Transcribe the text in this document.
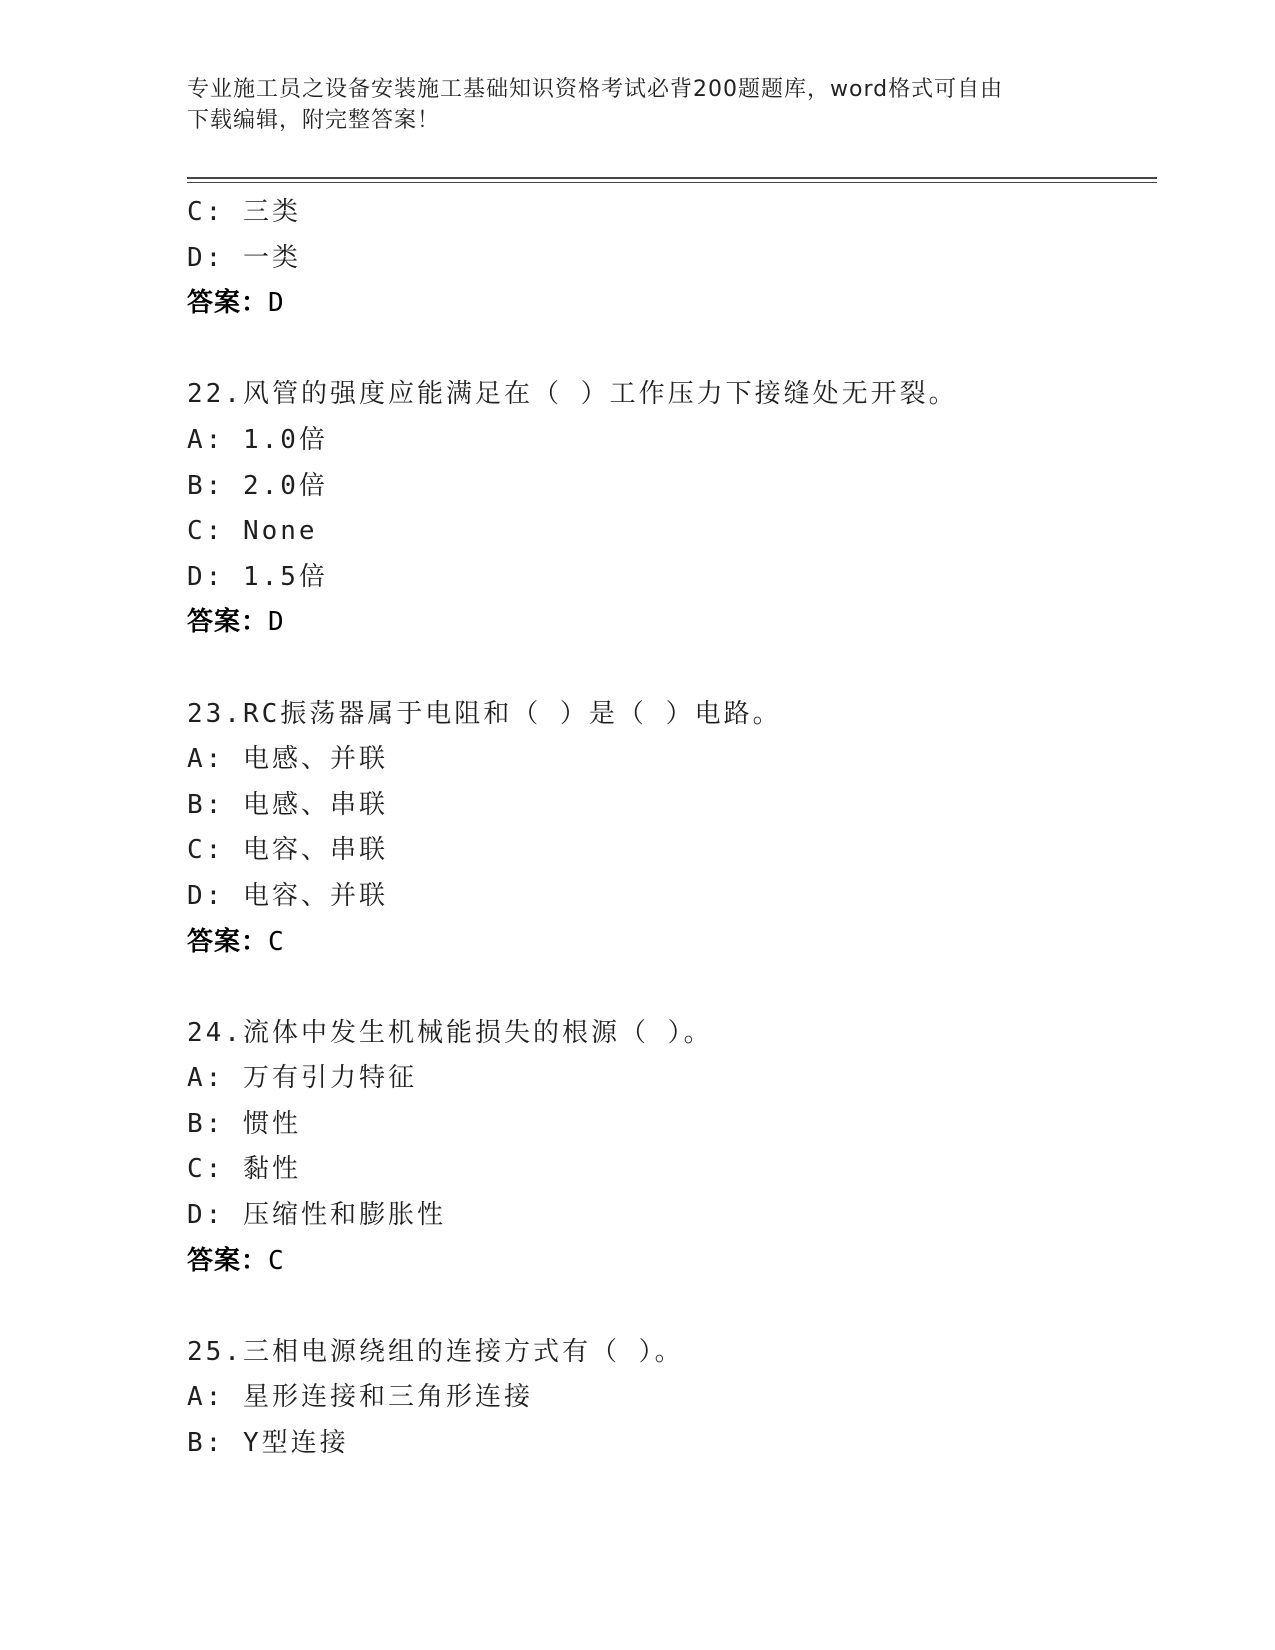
专业施工员之设备安装施工基础知识资格考试必背200题题库，word格式可自由
下载编辑，附完整答案！
C: 三类
D: 一类
答案：D
22.风管的强度应能满足在（ ）工作压力下接缝处无开裂。
A: 1.0倍
B: 2.0倍
C: None
D: 1.5倍
答案：D
23.RC振荡器属于电阻和（ ）是（ ）电路。
A: 电感、并联
B: 电感、串联
C: 电容、串联
D: 电容、并联
答案：C
24.流体中发生机械能损失的根源（ ）。
A: 万有引力特征
B: 惯性
C: 黏性
D: 压缩性和膨胀性
答案：C
25.三相电源绕组的连接方式有（ ）。
A: 星形连接和三角形连接
B: Y型连接
